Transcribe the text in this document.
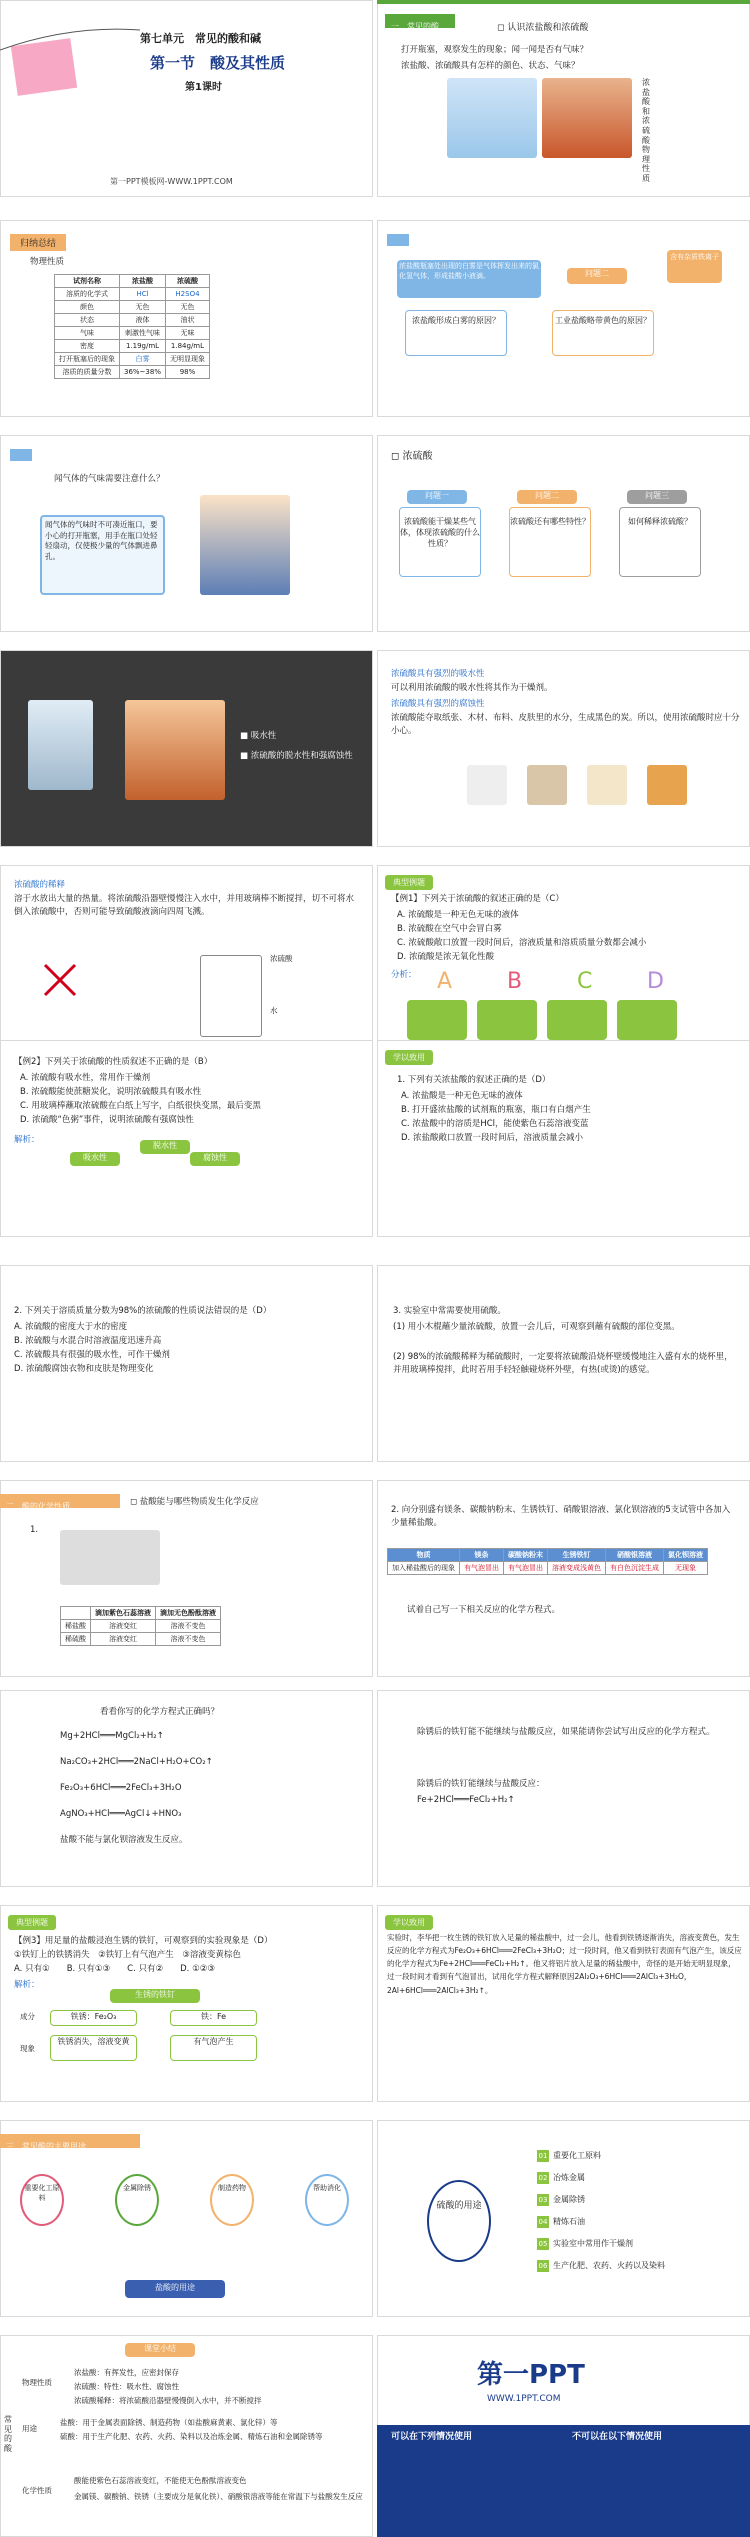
第七单元　常见的酸和碱
第一节　酸及其性质
第1课时
第一PPT模板网-WWW.1PPT.COM
一、常见的酸	◻ 认识浓盐酸和浓硫酸
打开瓶塞，观察发生的现象；闻一闻是否有气味？
浓盐酸、浓硫酸具有怎样的颜色、状态、气味？
浓盐酸和浓硫酸物理性质
归纳总结
物理性质
试剂名称	浓盐酸	浓硫酸
溶质的化学式	HCl	H2SO4
颜色	无色	无色
状态	液体	油状
气味	刺激性气味	无味
密度	1.19g/mL	1.84g/mL
打开瓶塞后的现象	白雾	无明显现象
溶质的质量分数	36%~38%	98%
浓盐酸瓶塞处出现的白雾是气体挥发出来的氯化氢气体，形成盐酸小液滴。
浓盐酸形成白雾的原因？
问题二
工业盐酸略带黄色的原因？
含有杂质铁离子
闻气体的气味需要注意什么？
闻气体的气味时不可凑近瓶口，要小心的打开瓶塞，用手在瓶口处轻轻扇动，仅使极少量的气体飘进鼻孔。
◻ 浓硫酸
问题一	问题二	问题三
浓硫酸能干燥某些气体，体现浓硫酸的什么性质？
浓硫酸还有哪些特性？	如何稀释浓硫酸？
■ 吸水性
■ 浓硫酸的脱水性和强腐蚀性
浓硫酸具有强烈的吸水性
可以利用浓硫酸的吸水性将其作为干燥剂。
浓硫酸具有强烈的腐蚀性
浓硫酸能夺取纸张、木材、布料、皮肤里的水分，生成黑色的炭。所以，使用浓硫酸时应十分小心。
浓硫酸的稀释
溶于水放出大量的热量。将浓硫酸沿器壁慢慢注入水中，并用玻璃棒不断搅拌，切不可将水倒入浓硫酸中，否则可能导致硫酸液滴向四周飞溅。
浓硫酸
水
典型例题
【例1】下列关于浓硫酸的叙述正确的是（C）
A. 浓硫酸是一种无色无味的液体
B. 浓硫酸在空气中会冒白雾
C. 浓硫酸敞口放置一段时间后，溶液质量和溶质质量分数都会减小
D. 浓硫酸是浓无氧化性酸
分析： A B C D
【例2】下列关于浓硫酸的性质叙述不正确的是（B）
A. 浓硫酸有吸水性，常用作干燥剂
B. 浓硫酸能使蔗糖炭化，说明浓硫酸具有吸水性
C. 用玻璃棒蘸取浓硫酸在白纸上写字，白纸很快变黑，最后变黑
D. 浓硫酸“色粥”事件，说明浓硫酸有强腐蚀性
解析：
吸水性
脱水性
腐蚀性
学以致用
1. 下列有关浓盐酸的叙述正确的是（D）
A. 浓盐酸是一种无色无味的液体
B. 打开盛浓盐酸的试剂瓶的瓶塞，瓶口有白烟产生
C. 浓盐酸中的溶质是HCl，能使紫色石蕊溶液变蓝
D. 浓盐酸敞口放置一段时间后，溶液质量会减小
2. 下列关于溶质质量分数为98%的浓硫酸的性质说法错误的是（D）
A. 浓硫酸的密度大于水的密度
B. 浓硫酸与水混合时溶液温度迅速升高
C. 浓硫酸具有很强的吸水性，可作干燥剂
D. 浓硫酸腐蚀衣物和皮肤是物理变化
3. 实验室中常需要使用硫酸。
(1) 用小木棍蘸少量浓硫酸，放置一会儿后，可观察到蘸有硫酸的部位变黑。
(2) 98%的浓硫酸稀释为稀硫酸时，一定要将浓硫酸沿烧杯壁缓慢地注入盛有水的烧杯里，并用玻璃棒搅拌，此时若用手轻轻触碰烧杯外壁，有热(或烫)的感觉。
二、酸的化学性质	◻ 盐酸能与哪些物质发生化学反应
1.
	滴加紫色石蕊溶液	滴加无色酚酞溶液
稀盐酸	溶液变红	溶液不变色
稀硫酸	溶液变红	溶液不变色
2. 向分别盛有镁条、碳酸钠粉末、生锈铁钉、硝酸银溶液、氯化钡溶液的5支试管中各加入少量稀盐酸。
物质	镁条	碳酸钠粉末	生锈铁钉	硝酸银溶液	氯化钡溶液
加入稀盐酸后的现象	有气泡冒出	有气泡冒出	溶液变成浅黄色	有白色沉淀生成	无现象
试着自己写一下相关反应的化学方程式。
看看你写的化学方程式正确吗？
Mg+2HCl═══MgCl₂+H₂↑
Na₂CO₃+2HCl═══2NaCl+H₂O+CO₂↑
Fe₂O₃+6HCl═══2FeCl₃+3H₂O
AgNO₃+HCl═══AgCl↓+HNO₃
盐酸不能与氯化钡溶液发生反应。
除锈后的铁钉能不能继续与盐酸反应，如果能请你尝试写出反应的化学方程式。
除锈后的铁钉能继续与盐酸反应：
Fe+2HCl═══FeCl₂+H₂↑
典型例题
【例3】用足量的盐酸浸泡生锈的铁钉，可观察到的实验现象是（D）
①铁钉上的铁锈消失　②铁钉上有气泡产生　③溶液变黄棕色
A. 只有①　　B. 只有①③　　C. 只有②　　D. ①②③
解析：
生锈的铁钉
成分	铁锈：Fe₂O₃	铁：Fe
现象
铁锈消失，溶液变黄	有气泡产生
学以致用
实验时，李华把一枚生锈的铁钉放入足量的稀盐酸中，过一会儿，他看到铁锈逐渐消失，溶液变黄色，发生反应的化学方程式为Fe₂O₃+6HCl═══2FeCl₃+3H₂O；过一段时间，他又看到铁钉表面有气泡产生，该反应的化学方程式为Fe+2HCl═══FeCl₂+H₂↑。他又将铝片放入足量的稀盐酸中，奇怪的是开始无明显现象，过一段时间才看到有气泡冒出，试用化学方程式解释原因2Al₂O₃+6HCl═══2AlCl₃+3H₂O，2Al+6HCl═══2AlCl₃+3H₂↑。
三、常见酸的主要用途
重要化工原料
金属除锈	制造药物	帮助消化
盐酸的用途
硫酸的用途
01 重要化工原料
02 冶炼金属
03 金属除锈
04 精炼石油
05 实验室中常用作干燥剂
06 生产化肥、农药、火药以及染料
课堂小结
常见的酸
物理性质
浓盐酸：有挥发性，应密封保存
浓硫酸：特性：吸水性、腐蚀性
浓硫酸稀释：将浓硫酸沿器壁慢慢倒入水中，并不断搅拌
用途
盐酸：用于金属表面除锈、制造药物（如盐酸麻黄素、氯化锌）等
硫酸：用于生产化肥、农药、火药、染料以及冶炼金属、精炼石油和金属除锈等
化学性质
酸能使紫色石蕊溶液变红，不能使无色酚酞溶液变色
金属镁、碳酸钠、铁锈（主要成分是氧化铁）、硝酸银溶液等能在常温下与盐酸发生反应
第一PPT
WWW.1PPT.COM
可以在下列情况使用	不可以在以下情况使用
